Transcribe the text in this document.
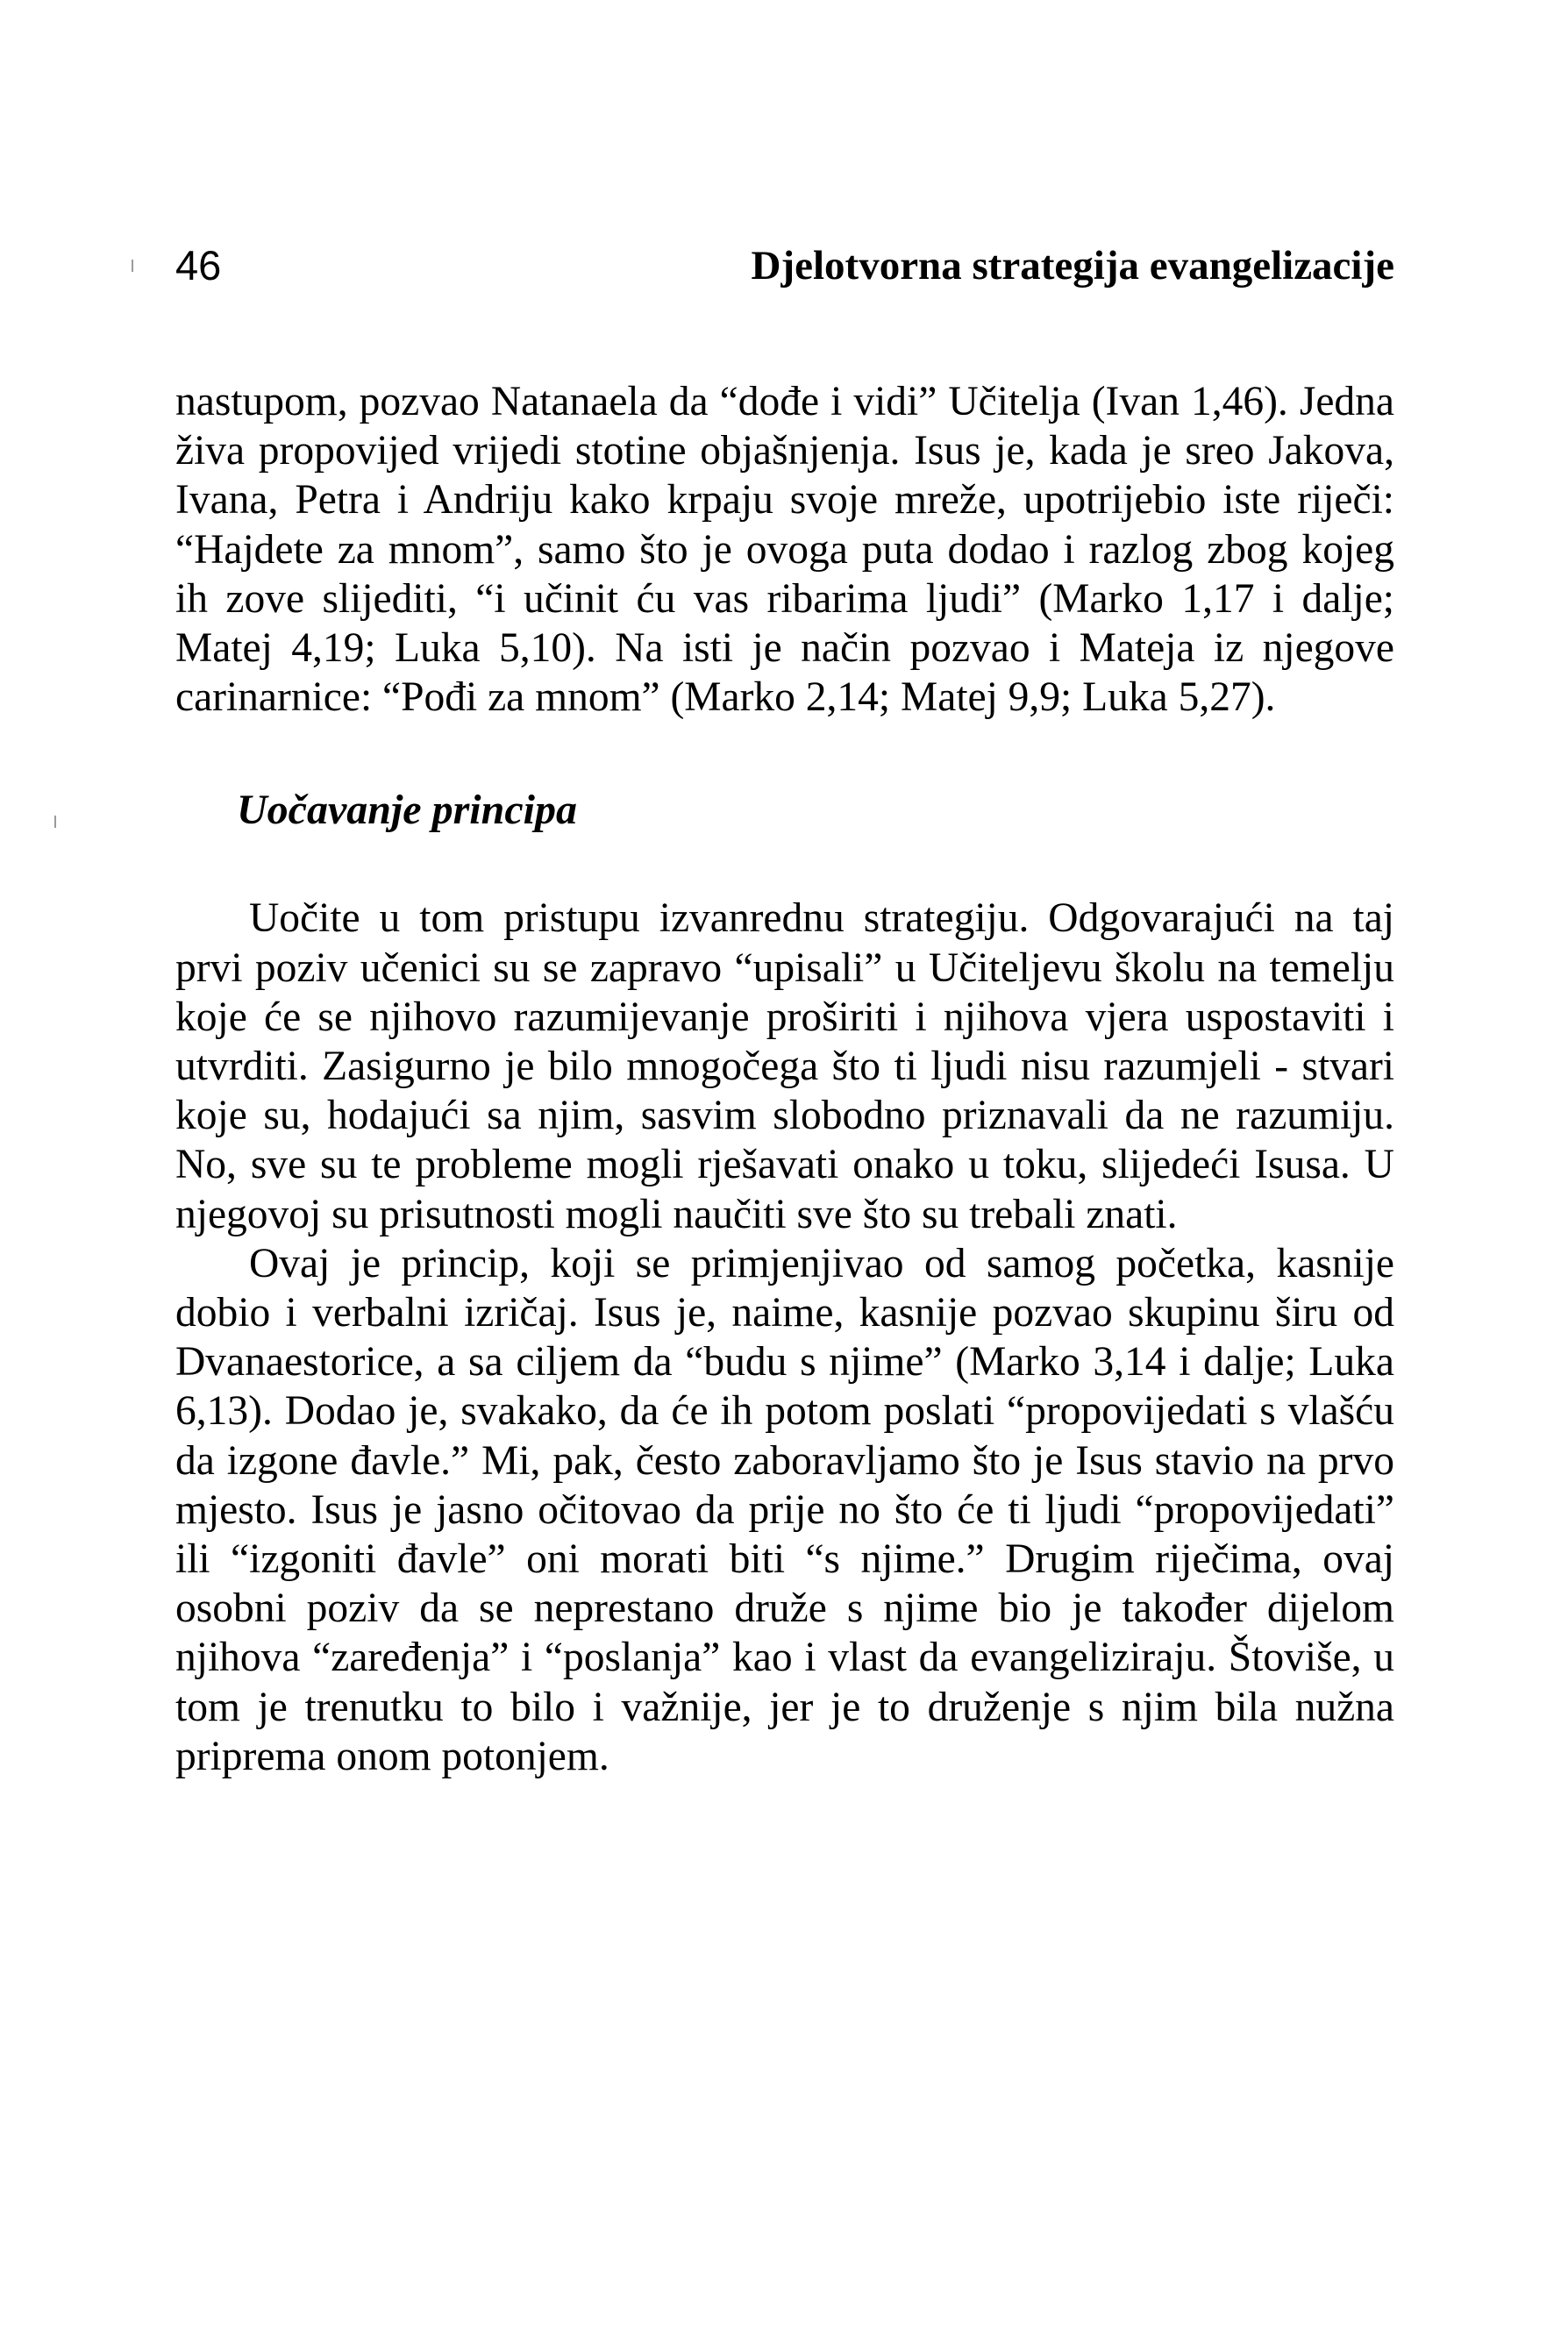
46	Djelotvorna strategija evangelizacije

nastupom, pozvao Natanaela da “dođe i vidi” Učitelja (Ivan 1,46). Jedna živa propovijed vrijedi stotine objašnjenja. Isus je, kada je sreo Jakova, Ivana, Petra i Andriju kako krpaju svoje mreže, upotrijebio iste riječi: “Hajdete za mnom”, samo što je ovoga puta dodao i razlog zbog kojeg ih zove slijediti, “i učinit ću vas ribarima ljudi” (Marko 1,17 i dalje; Matej 4,19; Luka 5,10). Na isti je način pozvao i Mateja iz njegove carinarnice: “Pođi za mnom” (Marko 2,14; Matej 9,9; Luka 5,27).

Uočavanje principa

Uočite u tom pristupu izvanrednu strategiju. Odgovarajući na taj prvi poziv učenici su se zapravo “upisali” u Učiteljevu školu na temelju koje će se njihovo razumijevanje proširiti i njihova vjera uspostaviti i utvrditi. Zasigurno je bilo mnogočega što ti ljudi nisu razumjeli - stvari koje su, hodajući sa njim, sasvim slobodno priznavali da ne razumiju. No, sve su te probleme mogli rješavati onako u toku, slijedeći Isusa. U njegovoj su prisutnosti mogli naučiti sve što su trebali znati.

Ovaj je princip, koji se primjenjivao od samog početka, kasnije dobio i verbalni izričaj. Isus je, naime, kasnije pozvao skupinu širu od Dvanaestorice, a sa ciljem da “budu s njime” (Marko 3,14 i dalje; Luka 6,13). Dodao je, svakako, da će ih potom poslati “propovijedati s vlašću da izgone đavle.” Mi, pak, često zaboravljamo što je Isus stavio na prvo mjesto. Isus je jasno očitovao da prije no što će ti ljudi “propovijedati” ili “izgoniti đavle” oni morati biti “s njime.” Drugim riječima, ovaj osobni poziv da se neprestano druže s njime bio je također dijelom njihova “zaređenja” i “poslanja” kao i vlast da evangeliziraju. Štoviše, u tom je trenutku to bilo i važnije, jer je to druženje s njim bila nužna priprema onom potonjem.
